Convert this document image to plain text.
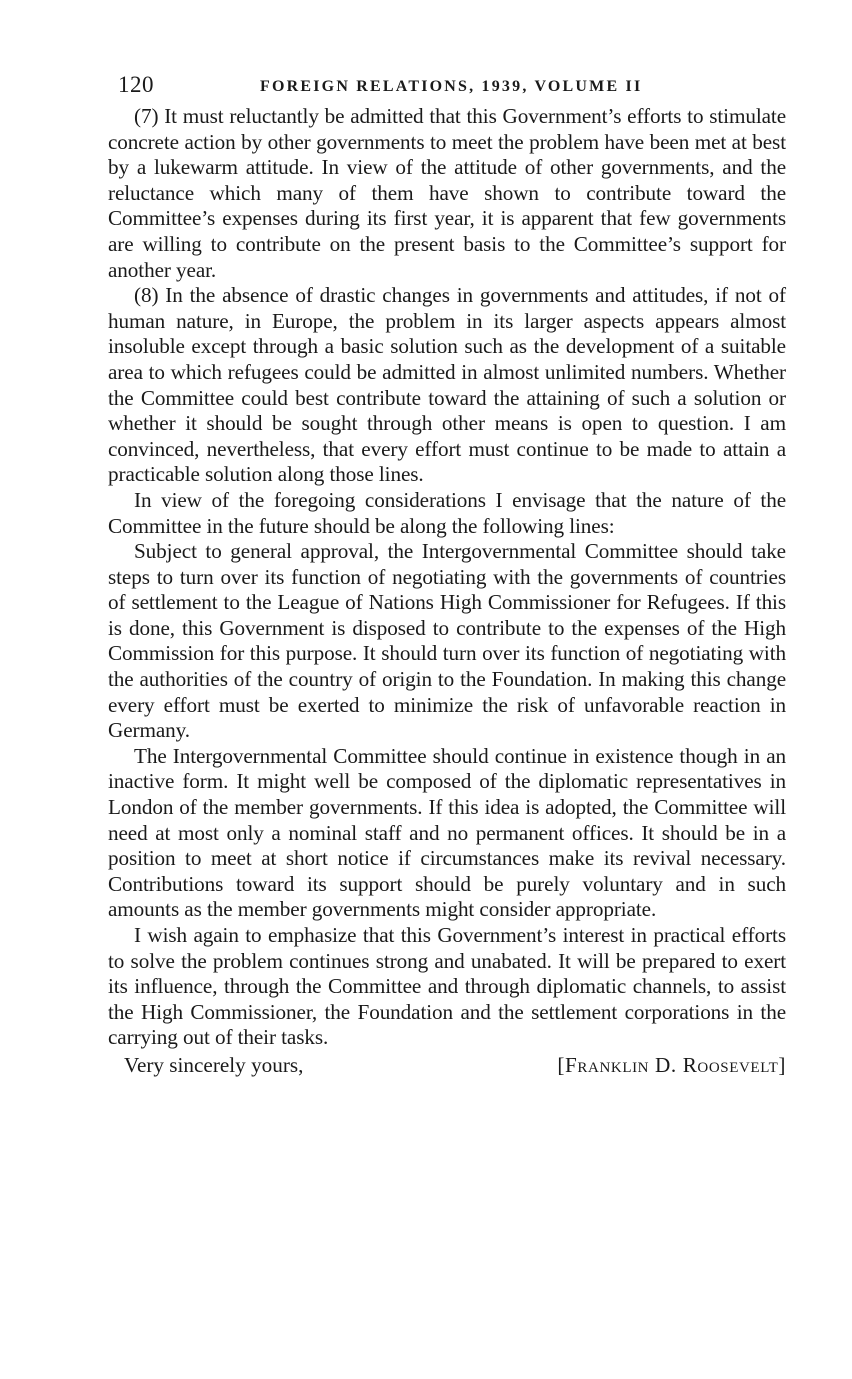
120	FOREIGN RELATIONS, 1939, VOLUME II

(7) It must reluctantly be admitted that this Government’s efforts to stimulate concrete action by other governments to meet the problem have been met at best by a lukewarm attitude. In view of the attitude of other governments, and the reluctance which many of them have shown to contribute toward the Committee’s expenses during its first year, it is apparent that few governments are willing to contribute on the present basis to the Committee’s support for another year.

(8) In the absence of drastic changes in governments and attitudes, if not of human nature, in Europe, the problem in its larger aspects appears almost insoluble except through a basic solution such as the development of a suitable area to which refugees could be admitted in almost unlimited numbers. Whether the Committee could best contribute toward the attaining of such a solution or whether it should be sought through other means is open to question. I am convinced, nevertheless, that every effort must continue to be made to attain a practicable solution along those lines.

In view of the foregoing considerations I envisage that the nature of the Committee in the future should be along the following lines:

Subject to general approval, the Intergovernmental Committee should take steps to turn over its function of negotiating with the governments of countries of settlement to the League of Nations High Commissioner for Refugees. If this is done, this Government is disposed to contribute to the expenses of the High Commission for this purpose. It should turn over its function of negotiating with the authorities of the country of origin to the Foundation. In making this change every effort must be exerted to minimize the risk of unfavorable reaction in Germany.

The Intergovernmental Committee should continue in existence though in an inactive form. It might well be composed of the diplomatic representatives in London of the member governments. If this idea is adopted, the Committee will need at most only a nominal staff and no permanent offices. It should be in a position to meet at short notice if circumstances make its revival necessary. Contributions toward its support should be purely voluntary and in such amounts as the member governments might consider appropriate.

I wish again to emphasize that this Government’s interest in practical efforts to solve the problem continues strong and unabated. It will be prepared to exert its influence, through the Committee and through diplomatic channels, to assist the High Commissioner, the Foundation and the settlement corporations in the carrying out of their tasks.

Very sincerely yours,	[Franklin D. Roosevelt]
